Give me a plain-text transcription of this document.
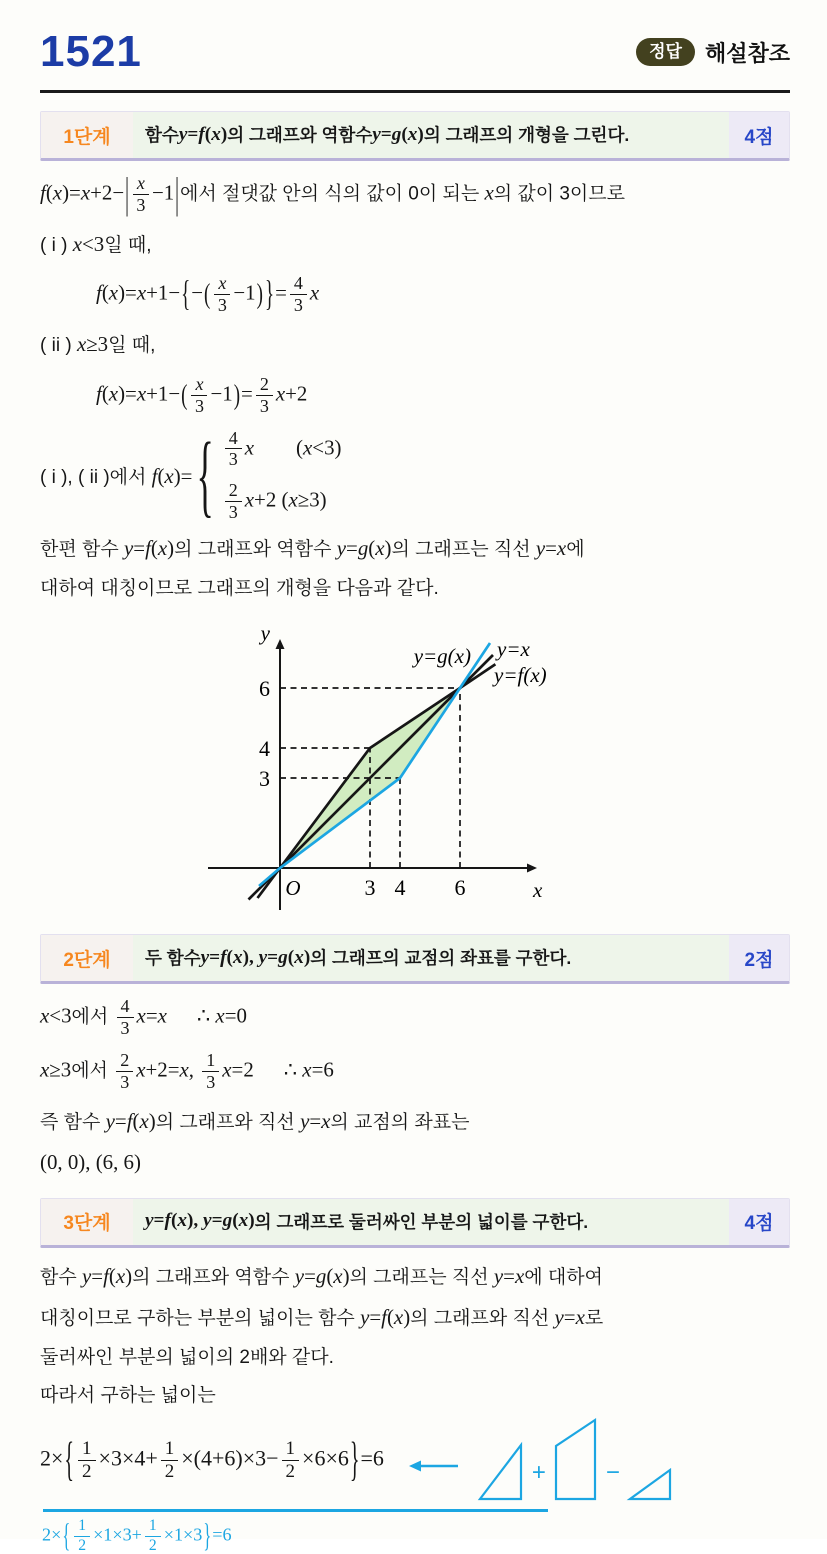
1521	정답	해설참조
1단계	함수 y=f(x) 의 그래프와 역함수 y=g(x) 의 그래프의 개형을 그린다.	4점

$f(x)=x+2-| \frac{x}{3} -1|$에서 절댓값 안의 식의 값이 0이 되는 x의 값이 3이므로

( i ) x<3일 때,

$f(x)=x+1-\{-( \frac{x}{3} -1)$ }= $\frac{4}{3}$ x

( ii ) x≥3일 때,

$f(x)=x+1-( \frac{x}{3} -1)= \frac{2}{3} x+2$

( i ), ( ii )에서 f(x)= { $\frac{4}{3}$ x (x<3)
$\frac{2}{3} x+2$ (x≥3)

한편 함수 y=f(x)의 그래프와 역함수 y=g(x)의 그래프는 직선 y=x에

대하여 대칭이므로 그래프의 개형을 다음과 같다.

6
4
3
3 4 6
O
y
x
y=g(x) y=x
y=f(x)
2단계	두 함수 y=f(x), y=g(x) 의 그래프의 교점의 좌표를 구한다.	2점

x<3에서 $\frac{4}{3} x=x$ ∴ x=0

x≥3에서 $\frac{2}{3} x+2=x$, $\frac{1}{3} x=2$ ∴ x=6

즉 함수 y=f(x)의 그래프와 직선 y=x의 교점의 좌표는

(0, 0), (6, 6)

3단계	y=f(x), y=g(x) 의 그래프로 둘러싸인 부분의 넓이를 구한다.	4점

함수 y=f(x)의 그래프와 역함수 y=g(x)의 그래프는 직선 y=x에 대하여

대칭이므로 구하는 부분의 넓이는 함수 y=f(x)의 그래프와 직선 y=x로

둘러싸인 부분의 넓이의 2배와 같다.

따라서 구하는 넓이는

$2\times\{ \frac{1}{2} \times 3\times 4+ \frac{1}{2} \times(4+6)\times 3- \frac{1}{2} \times 6\times 6\}=6$
+	−

$2\times\{ \frac{1}{2} \times 1\times 3+ \frac{1}{2} \times 1\times 3\}=6$
